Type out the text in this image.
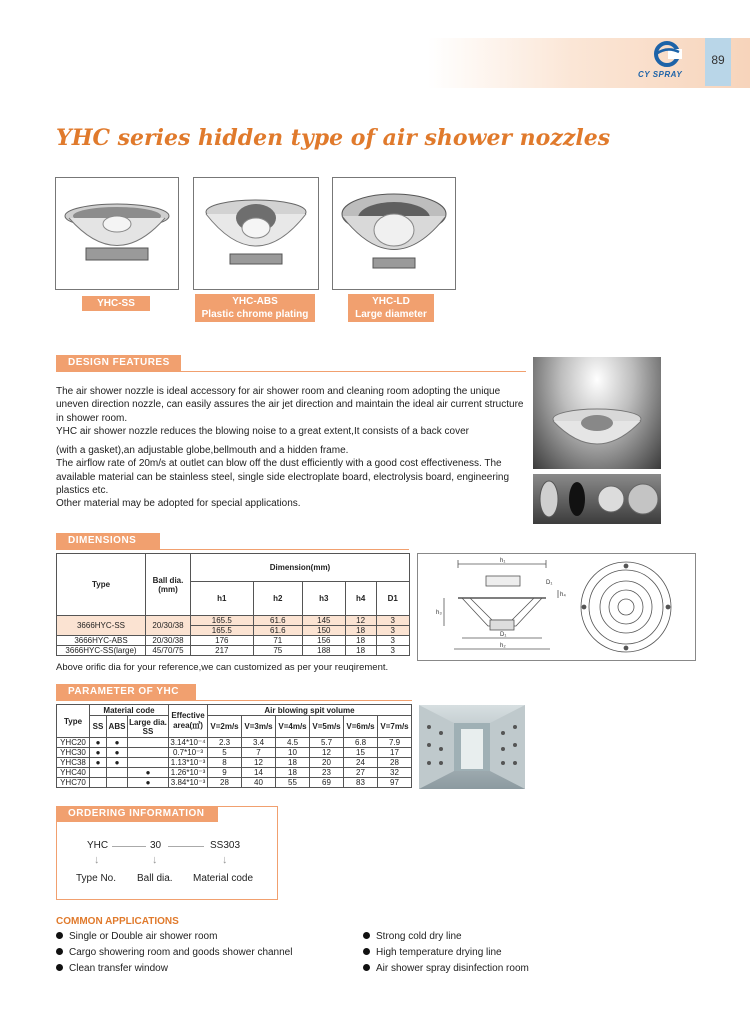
89
CY SPRAY
YHC series hidden type of air shower nozzles
YHC-SS	YHC-ABS
Plastic chrome plating
YHC-LD
Large diameter
DESIGN FEATURES

The air shower nozzle is ideal accessory for air shower room and cleaning room adopting the unique uneven direction nozzle, can easily assures the air jet direction and maintain the ideal air current structure in shower room.

YHC air shower nozzle reduces the blowing noise to a great extent,It consists of a back cover

(with a gasket),an adjustable globe,bellmouth and a hidden frame.

The airflow rate of 20m/s at outlet can blow off the dust efficiently with a good cost effectiveness. The available material can be stainless steel, single side electroplate board, electrolysis board, engineering plastics etc.

Other material may be adopted for special applications.

DIMENSIONS
Type	Ball dia.(mm)	Dimension(mm)				
		h1	h2	h3	h4	D1
3666HYC-SS	20/30/38	165.5	61.6	145	12	3
		165.5	61.6	150	18	3
3666HYC-ABS	20/30/38	176	71	156	18	3
3666HYC-SS(large)	45/70/75	217	75	188	18	3
h₁
D₁
h₄
h₃
D₁
h₂
Above orific dia for your reference,we can customized as per your reuqirement.
PARAMETER OF YHC
Type	Material code			Effective area(㎡)	Air blowing spit volume					
	SS	ABS	Large dia. SS		V=2m/s	V=3m/s	V=4m/s	V=5m/s	V=6m/s	V=7m/s
YHC20	●	●		3.14*10⁻⁴	2.3	3.4	4.5	5.7	6.8	7.9
YHC30	●	●		0.7*10⁻³	5	7	10	12	15	17
YHC38	●	●		1.13*10⁻³	8	12	18	20	24	28
YHC40			●	1.26*10⁻³	9	14	18	23	27	32
YHC70			●	3.84*10⁻³	28	40	55	69	83	97
ORDERING INFORMATION
YHC	30	SS303
↓	↓	↓
Type No. Ball dia. Material code
COMMON APPLICATIONS
Single or Double air shower room
Cargo showering room and goods shower channel
Clean transfer window
Strong cold dry line
High temperature drying line
Air shower spray disinfection room
